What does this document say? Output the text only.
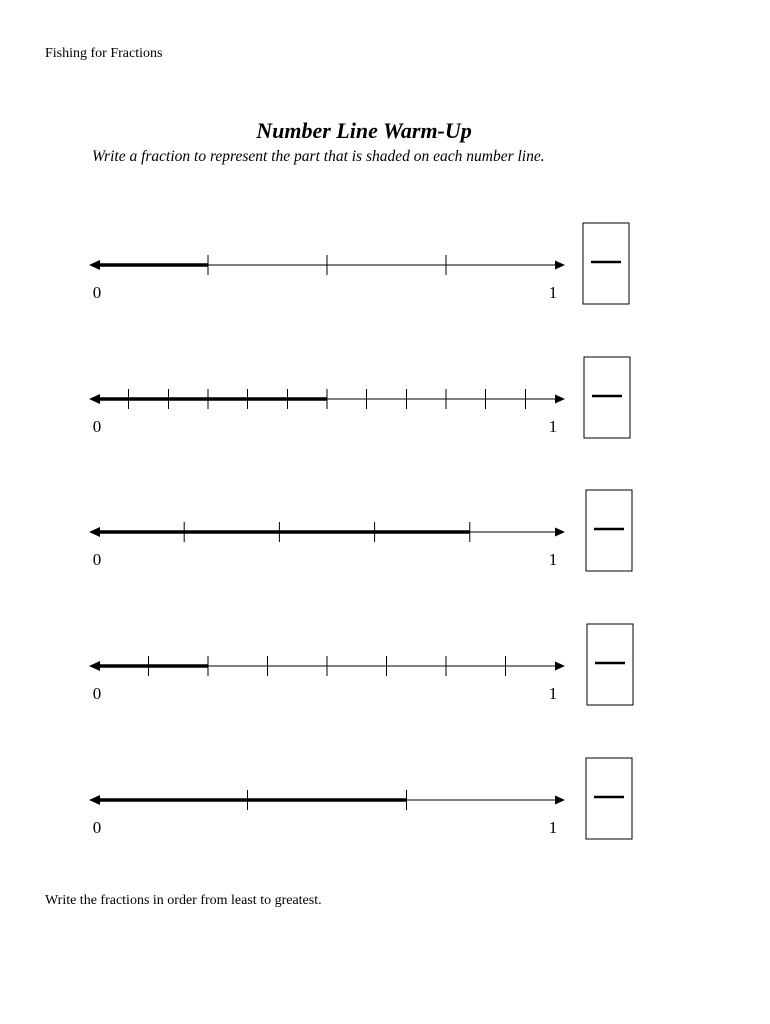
Fishing for Fractions
Number Line Warm-Up
Write a fraction to represent the part that is shaded on each number line.
0	1
0	1
0	1
0	1
0	1
Write the fractions in order from least to greatest.
